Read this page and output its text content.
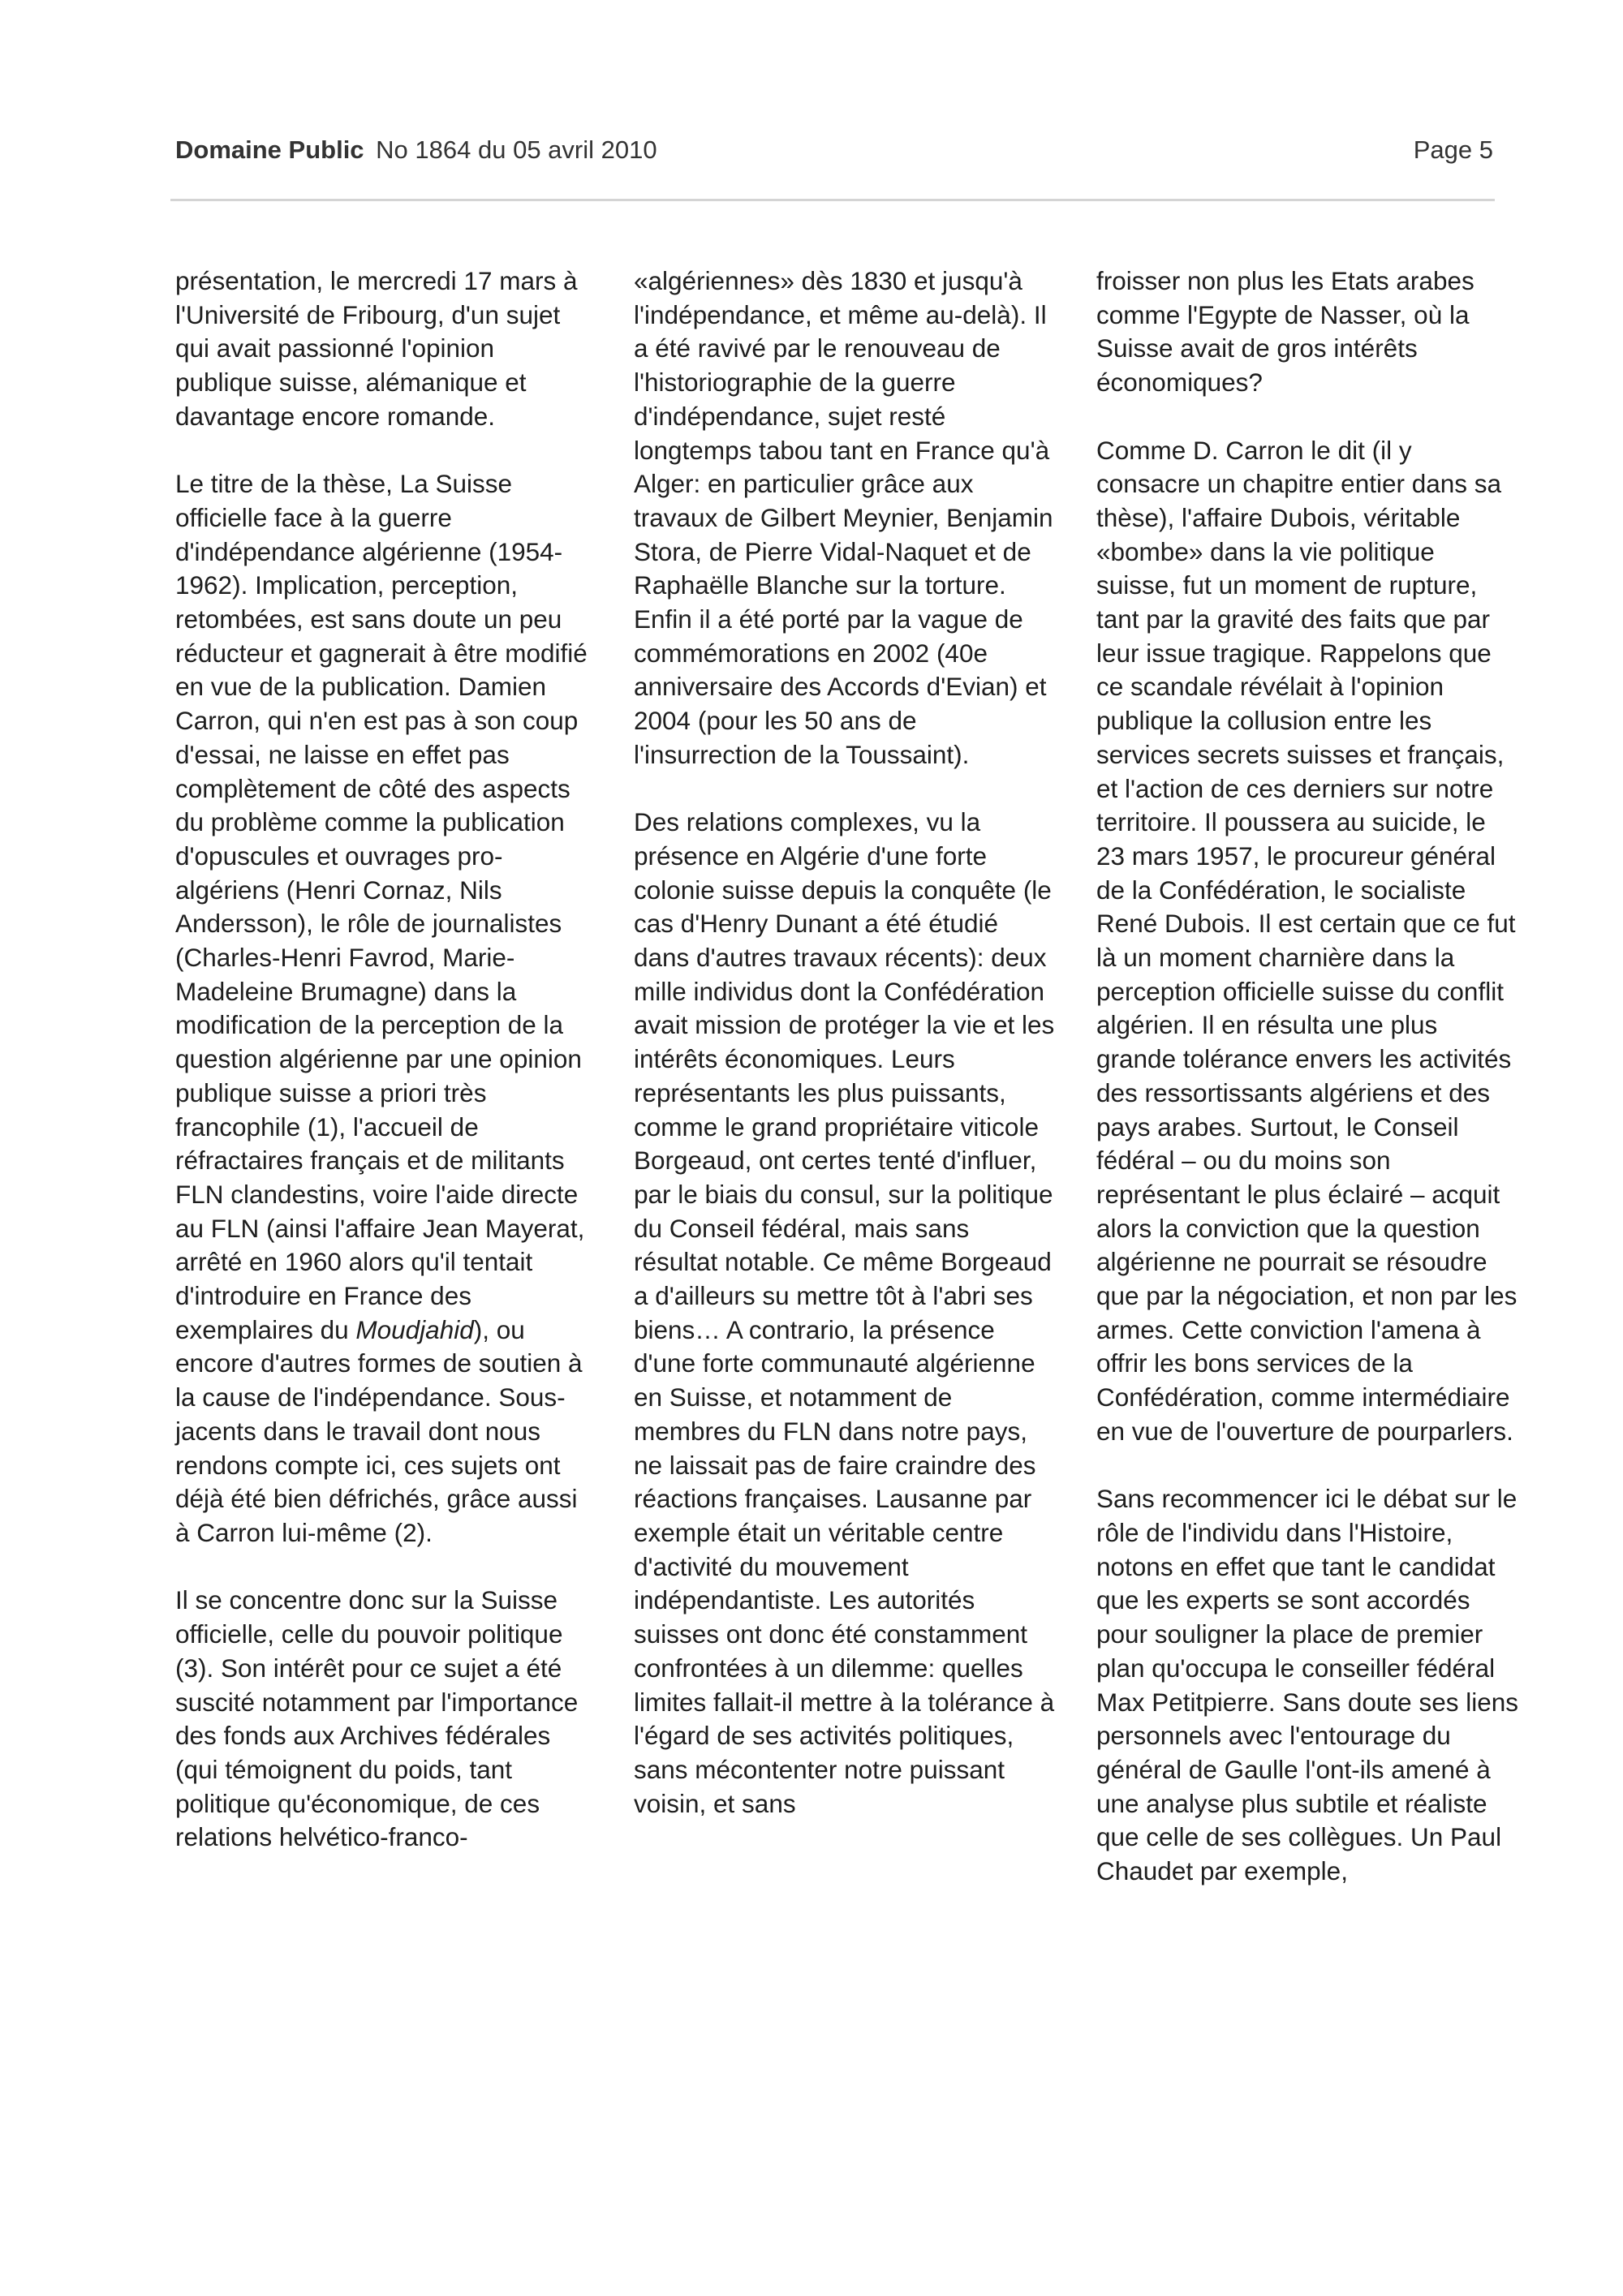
Domaine Public No 1864 du 05 avril 2010	Page 5

présentation, le mercredi 17 mars à l'Université de Fribourg, d'un sujet qui avait passionné l'opinion publique suisse, alémanique et davantage encore romande.

Le titre de la thèse, La Suisse officielle face à la guerre d'indépendance algérienne (1954-1962). Implication, perception, retombées, est sans doute un peu réducteur et gagnerait à être modifié en vue de la publication. Damien Carron, qui n'en est pas à son coup d'essai, ne laisse en effet pas complètement de côté des aspects du problème comme la publication d'opuscules et ouvrages pro-algériens (Henri Cornaz, Nils Andersson), le rôle de journalistes (Charles-Henri Favrod, Marie-Madeleine Brumagne) dans la modification de la perception de la question algérienne par une opinion publique suisse a priori très francophile (1), l'accueil de réfractaires français et de militants FLN clandestins, voire l'aide directe au FLN (ainsi l'affaire Jean Mayerat, arrêté en 1960 alors qu'il tentait d'introduire en France des exemplaires du Moudjahid), ou encore d'autres formes de soutien à la cause de l'indépendance. Sous-jacents dans le travail dont nous rendons compte ici, ces sujets ont déjà été bien défrichés, grâce aussi à Carron lui-même (2).

Il se concentre donc sur la Suisse officielle, celle du pouvoir politique (3). Son intérêt pour ce sujet a été suscité notamment par l'importance des fonds aux Archives fédérales (qui témoignent du poids, tant politique qu'économique, de ces relations helvético-franco-

«algériennes» dès 1830 et jusqu'à l'indépendance, et même au-delà). Il a été ravivé par le renouveau de l'historiographie de la guerre d'indépendance, sujet resté longtemps tabou tant en France qu'à Alger: en particulier grâce aux travaux de Gilbert Meynier, Benjamin Stora, de Pierre Vidal-Naquet et de Raphaëlle Blanche sur la torture. Enfin il a été porté par la vague de commémorations en 2002 (40e anniversaire des Accords d'Evian) et 2004 (pour les 50 ans de l'insurrection de la Toussaint).

Des relations complexes, vu la présence en Algérie d'une forte colonie suisse depuis la conquête (le cas d'Henry Dunant a été étudié dans d'autres travaux récents): deux mille individus dont la Confédération avait mission de protéger la vie et les intérêts économiques. Leurs représentants les plus puissants, comme le grand propriétaire viticole Borgeaud, ont certes tenté d'influer, par le biais du consul, sur la politique du Conseil fédéral, mais sans résultat notable. Ce même Borgeaud a d'ailleurs su mettre tôt à l'abri ses biens… A contrario, la présence d'une forte communauté algérienne en Suisse, et notamment de membres du FLN dans notre pays, ne laissait pas de faire craindre des réactions françaises. Lausanne par exemple était un véritable centre d'activité du mouvement indépendantiste. Les autorités suisses ont donc été constamment confrontées à un dilemme: quelles limites fallait-il mettre à la tolérance à l'égard de ses activités politiques, sans mécontenter notre puissant voisin, et sans

froisser non plus les Etats arabes comme l'Egypte de Nasser, où la Suisse avait de gros intérêts économiques?

Comme D. Carron le dit (il y consacre un chapitre entier dans sa thèse), l'affaire Dubois, véritable «bombe» dans la vie politique suisse, fut un moment de rupture, tant par la gravité des faits que par leur issue tragique. Rappelons que ce scandale révélait à l'opinion publique la collusion entre les services secrets suisses et français, et l'action de ces derniers sur notre territoire. Il poussera au suicide, le 23 mars 1957, le procureur général de la Confédération, le socialiste René Dubois. Il est certain que ce fut là un moment charnière dans la perception officielle suisse du conflit algérien. Il en résulta une plus grande tolérance envers les activités des ressortissants algériens et des pays arabes. Surtout, le Conseil fédéral – ou du moins son représentant le plus éclairé – acquit alors la conviction que la question algérienne ne pourrait se résoudre que par la négociation, et non par les armes. Cette conviction l'amena à offrir les bons services de la Confédération, comme intermédiaire en vue de l'ouverture de pourparlers.

Sans recommencer ici le débat sur le rôle de l'individu dans l'Histoire, notons en effet que tant le candidat que les experts se sont accordés pour souligner la place de premier plan qu'occupa le conseiller fédéral Max Petitpierre. Sans doute ses liens personnels avec l'entourage du général de Gaulle l'ont-ils amené à une analyse plus subtile et réaliste que celle de ses collègues. Un Paul Chaudet par exemple,
